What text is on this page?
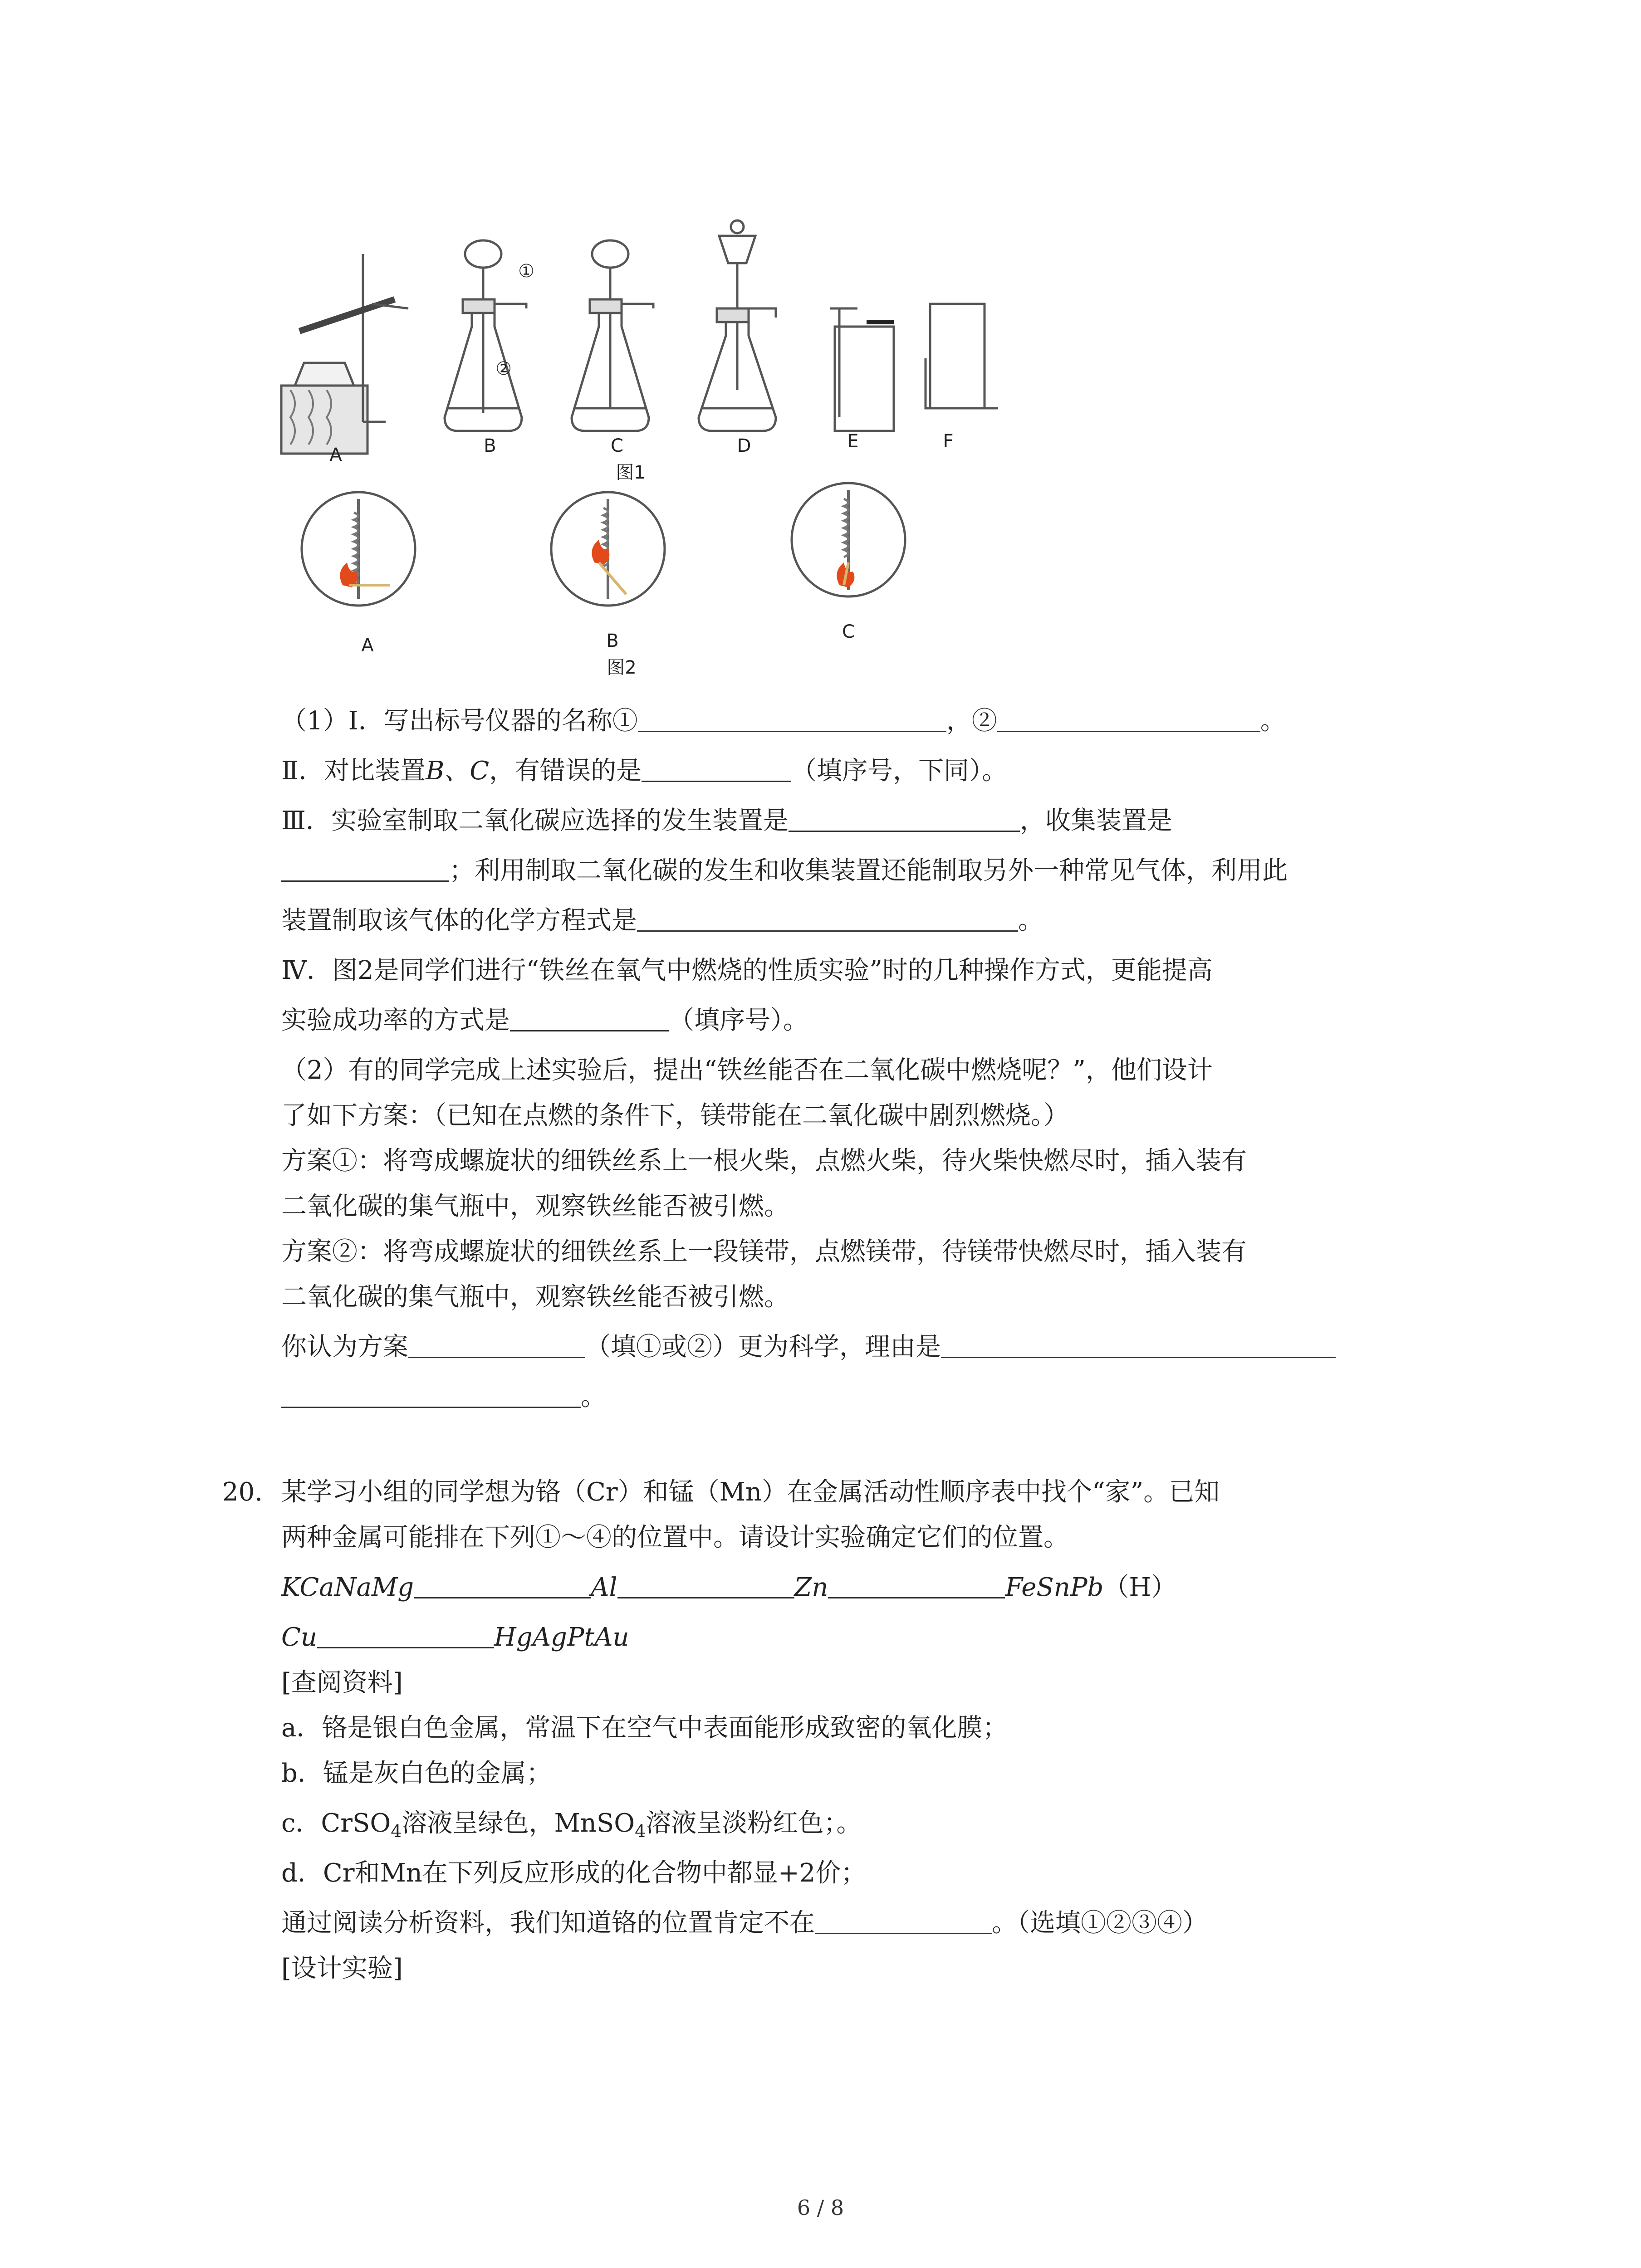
A	B	C	D	E	F
①
②
图1
A	B	C
图2
（1）Ⅰ．写出标号仪器的名称①	，②	。
Ⅱ．对比装置B、C，有错误的是	（填序号，下同）。
Ⅲ．实验室制取二氧化碳应选择的发生装置是	，收集装置是
；利用制取二氧化碳的发生和收集装置还能制取另外一种常见气体，利用此
装置制取该气体的化学方程式是	。
Ⅳ．图2是同学们进行“铁丝在氧气中燃烧的性质实验”时的几种操作方式，更能提高
实验成功率的方式是	（填序号）。
（2）有的同学完成上述实验后，提出“铁丝能否在二氧化碳中燃烧呢？”，他们设计
了如下方案：（已知在点燃的条件下，镁带能在二氧化碳中剧烈燃烧。）
方案①：将弯成螺旋状的细铁丝系上一根火柴，点燃火柴，待火柴快燃尽时，插入装有
二氧化碳的集气瓶中，观察铁丝能否被引燃。
方案②：将弯成螺旋状的细铁丝系上一段镁带，点燃镁带，待镁带快燃尽时，插入装有
二氧化碳的集气瓶中，观察铁丝能否被引燃。
你认为方案	（填①或②）更为科学，理由是
。
20. 某学习小组的同学想为铬（Cr）和锰（Mn）在金属活动性顺序表中找个“家”。已知
两种金属可能排在下列①～④的位置中。请设计实验确定它们的位置。
KCaNaMg	Al	Zn	FeSnPb（H）
Cu	HgAgPtAu
[查阅资料]
a．铬是银白色金属，常温下在空气中表面能形成致密的氧化膜；
b．锰是灰白色的金属；
c．CrSO$_4$溶液呈绿色，MnSO$_4$溶液呈淡粉红色；。
d．Cr和Mn在下列反应形成的化合物中都显+2价；
通过阅读分析资料，我们知道铬的位置肯定不在	。（选填①②③④）
[设计实验]
6 / 8
